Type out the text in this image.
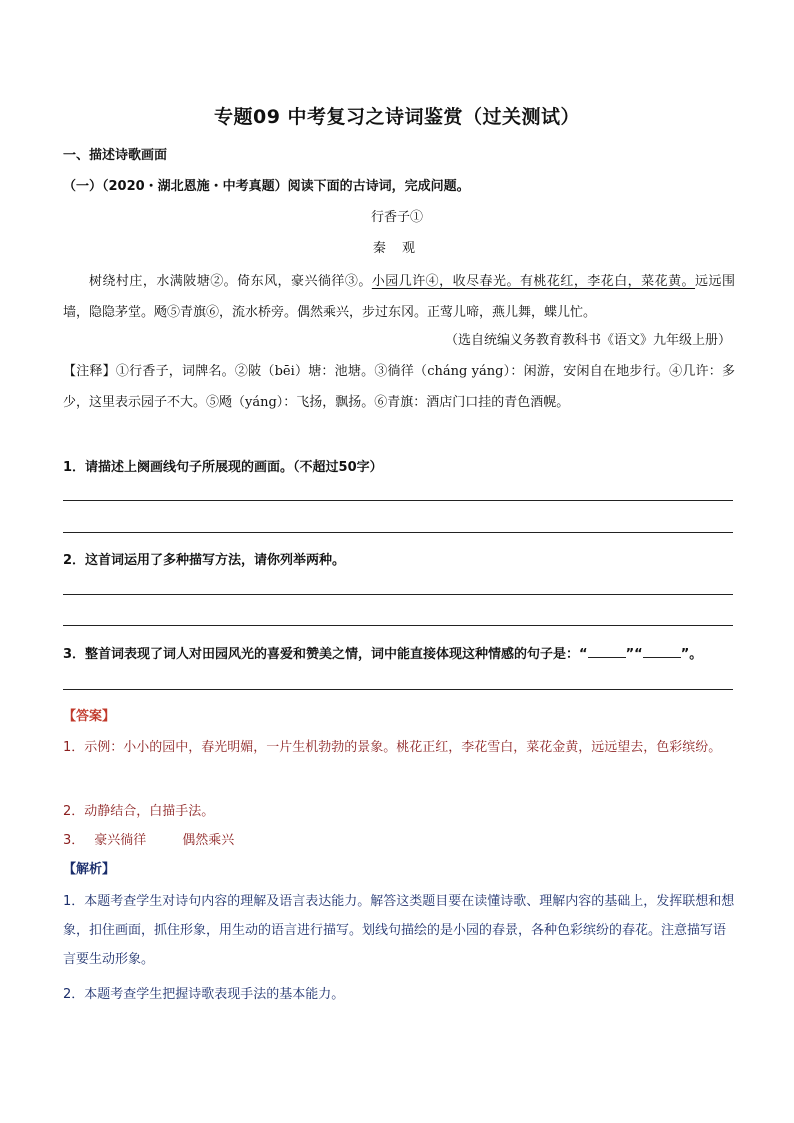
专题09 中考复习之诗词鉴赏（过关测试）
一、描述诗歌画面
（一）（2020・湖北恩施・中考真题）阅读下面的古诗词，完成问题。
行香子①
秦 观
树绕村庄，水满陂塘②。倚东风，豪兴徜徉③。小园几许④，收尽春光。有桃花红，李花白，菜花黄。远远围墙，隐隐茅堂。飏⑤青旗⑥，流水桥旁。偶然乘兴，步过东冈。正莺儿啼，燕儿舞，蝶儿忙。
（选自统编义务教育教科书《语文》九年级上册）
【注释】①行香子，词牌名。②陂（bēi）塘：池塘。③徜徉（cháng yáng）：闲游，安闲自在地步行。④几许：多少，这里表示园子不大。⑤飏（yáng）：飞扬，飘扬。⑥青旗：酒店门口挂的青色酒幌。
1．请描述上阕画线句子所展现的画面。（不超过50字）
2．这首词运用了多种描写方法，请你列举两种。
3．整首词表现了词人对田园风光的喜爱和赞美之情，词中能直接体现这种情感的句子是：“	”“	”。
【答案】
1．示例：小小的园中，春光明媚，一片生机勃勃的景象。桃花正红，李花雪白，菜花金黄，远远望去，色彩缤纷。
2．动静结合，白描手法。
3． 豪兴徜徉	偶然乘兴
【解析】
1．本题考查学生对诗句内容的理解及语言表达能力。解答这类题目要在读懂诗歌、理解内容的基础上，发挥联想和想象，扣住画面，抓住形象，用生动的语言进行描写。划线句描绘的是小园的春景，各种色彩缤纷的春花。注意描写语言要生动形象。
2．本题考查学生把握诗歌表现手法的基本能力。
